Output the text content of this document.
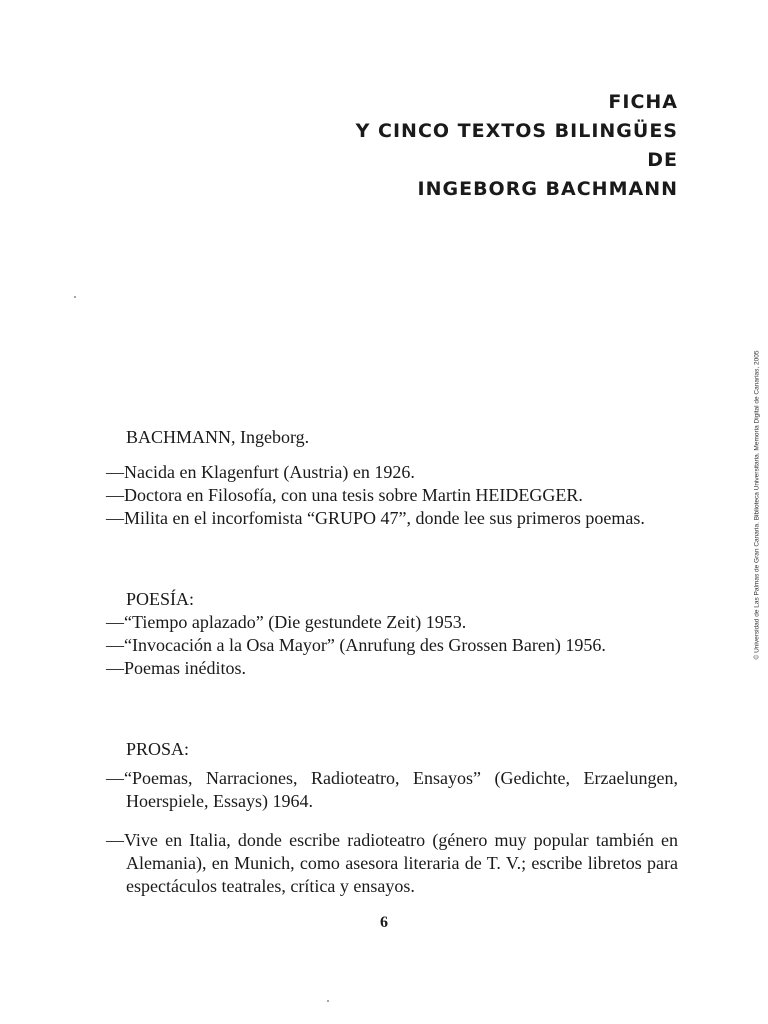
FICHA
Y CINCO TEXTOS BILINGÜES
DE
INGEBORG BACHMANN
© Universidad de Las Palmas de Gran Canaria. Biblioteca Universitaria. Memoria Digital de Canarias, 2005
BACHMANN, Ingeborg.

—Nacida en Klagenfurt (Austria) en 1926.

—Doctora en Filosofía, con una tesis sobre Martin HEIDEGGER.

—Milita en el incorfomista “GRUPO 47”, donde lee sus primeros poemas.

POESÍA:

—“Tiempo aplazado” (Die gestundete Zeit) 1953.

—“Invocación a la Osa Mayor” (Anrufung des Grossen Baren) 1956.

—Poemas inéditos.

PROSA:

—“Poemas, Narraciones, Radioteatro, Ensayos” (Gedichte, Erzaelungen, Hoerspiele, Essays) 1964.

—Vive en Italia, donde escribe radioteatro (género muy popular también en Alemania), en Munich, como asesora literaria de T. V.; escribe libretos para espectáculos teatrales, crítica y ensayos.

6
